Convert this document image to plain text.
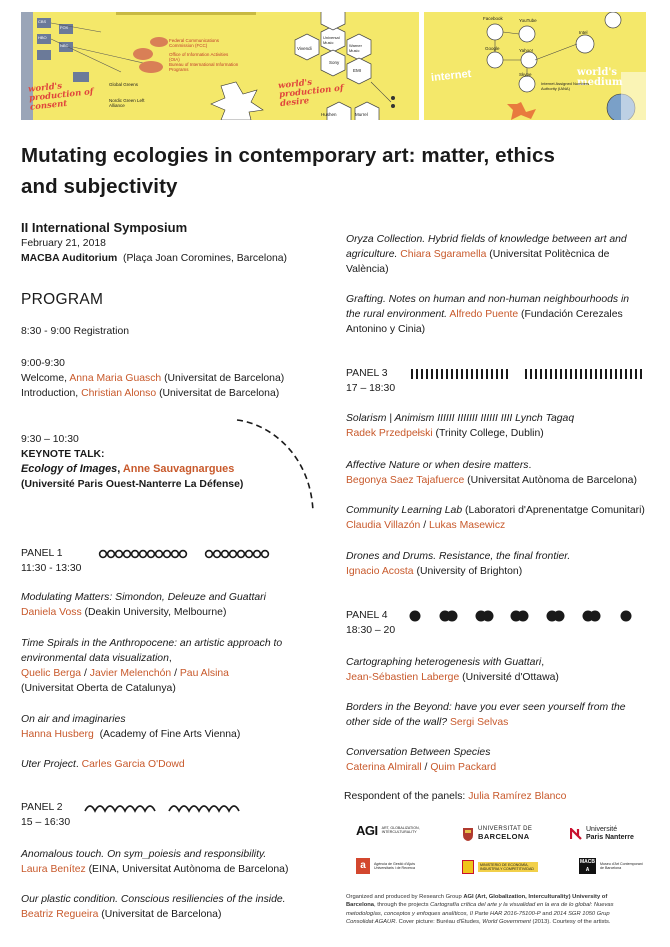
world's production of consent
world's production of desire
internet	world's medium
Federal Communications Commission (FCC)
Office of Information Activities (OIA)
Bureau of International Information Programs
Vivendi
Universal Music
Warner Music
Sony
EMI
Facebook	YouTube
Google	Yahoo!
Skype
Intel
Internet Assigned Numbers Authority (IANA)
Global Greens
Nordic Green Left Alliance
CBS
HBO
FOX
NBC
Hushen	Murrel
Mutating ecologies in contemporary art: matter, ethics
and subjectivity
II International Symposium
February 21, 2018
MACBA Auditorium (Plaça Joan Coromines, Barcelona)
PROGRAM
8:30 - 9:00 Registration
9:00-9:30
Welcome, Anna Maria Guasch (Universitat de Barcelona)
Introduction, Christian Alonso (Universitat de Barcelona)
9:30 – 10:30
KEYNOTE TALK:
Ecology of Images, Anne Sauvagnargues
(Université Paris Ouest-Nanterre La Défense)
PANEL 1
11:30 - 13:30
Modulating Matters: Simondon, Deleuze and Guattari
Daniela Voss (Deakin University, Melbourne)
Time Spirals in the Anthropocene: an artistic approach to
environmental data visualization,
Quelic Berga / Javier Melenchón / Pau Alsina
(Universitat Oberta de Catalunya)
On air and imaginaries
Hanna Husberg (Academy of Fine Arts Vienna)
Uter Project. Carles Garcia O'Dowd
PANEL 2
15 – 16:30
Anomalous touch. On sym_poiesis and responsibility.
Laura Benítez (EINA, Universitat Autònoma de Barcelona)
Our plastic condition. Conscious resiliencies of the inside.
Beatriz Regueira (Universitat de Barcelona)
Oryza Collection. Hybrid fields of knowledge between art and
agriculture. Chiara Sgaramella (Universitat Politècnica de
València)
Grafting. Notes on human and non-human neighbourhoods in
the rural environment. Alfredo Puente (Fundación Cerezales
Antonino y Cinia)
PANEL 3
17 – 18:30
Solarism | Animism IIIIII IIIIIII IIIIII IIII Lynch Tagaq
Radek Przedpełski (Trinity College, Dublin)
Affective Nature or when desire matters.
Begonya Saez Tajafuerce (Universitat Autònoma de Barcelona)
Community Learning Lab (Laboratori d'Aprenentatge Comunitari)
Claudia Villazón / Lukas Masewicz
Drones and Drums. Resistance, the final frontier.
Ignacio Acosta (University of Brighton)
PANEL 4
18:30 – 20
Cartographing heterogenesis with Guattari,
Jean-Sébastien Laberge (Université d'Ottawa)
Borders in the Beyond: have you ever seen yourself from the
other side of the wall? Sergi Selvas
Conversation Between Species
Caterina Almirall / Quim Packard
Respondent of the panels: Julia Ramírez Blanco
AGI ART, GLOBALIZATION, INTERCULTURALITY	UNIVERSITAT DE
BARCELONA
Université
Paris Nanterre
a	Agència de Gestió d'Ajuts Universitaris i de Recerca
MINISTERIO DE ECONOMÍA, INDUSTRIA Y COMPETITIVIDAD
MACBA
Museu d'Art Contemporani de Barcelona
Organized and produced by Research Group AGI (Art, Globalization, Interculturality) University of
Barcelona, through the projects Cartografía crítica del arte y la visualidad en la era de lo global: Nuevas
metodologías, conceptos y enfoques analíticos, II Parte HAR 2016-75100-P and 2014 SGR 1050 Grup
Consolidat AGAUR. Cover picture: Buréau d'Études, World Government (2013). Courtesy of the artists.
